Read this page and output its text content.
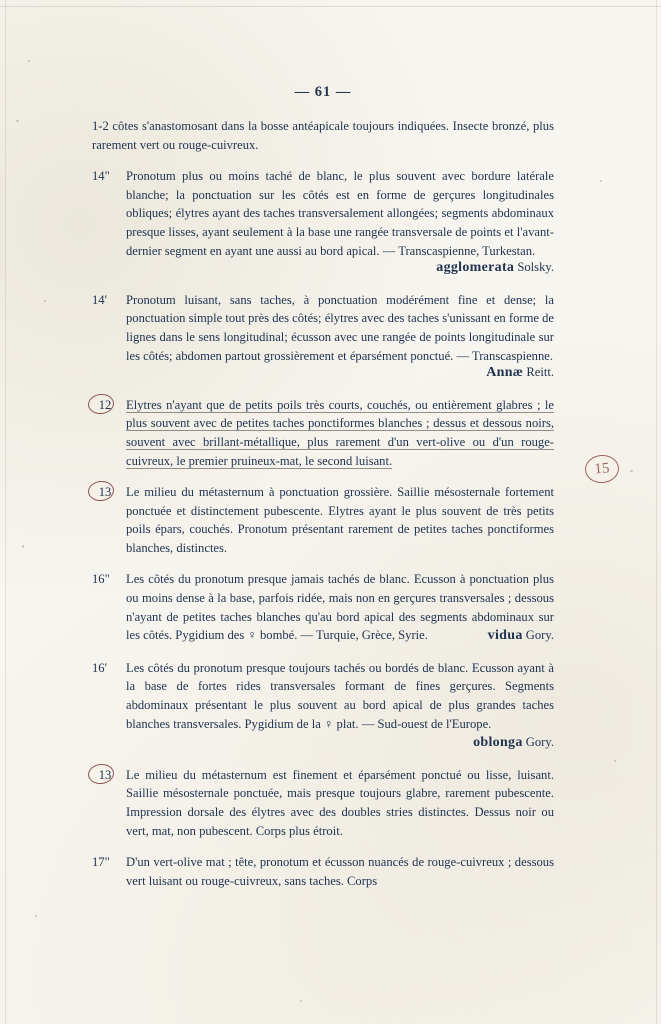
15
— 61 —
1-2 côtes s'anastomosant dans la bosse antéapicale toujours indiquées. Insecte bronzé, plus rarement vert ou rouge-cuivreux.
14"	Pronotum plus ou moins taché de blanc, le plus souvent avec bordure latérale blanche; la ponctuation sur les côtés est en forme de gerçures longitudinales obliques; élytres ayant des taches transversalement allongées; segments abdominaux presque lisses, ayant seulement à la base une rangée transversale de points et l'avant-dernier segment en ayant une aussi au bord apical. — Transcaspienne, Turkestan.
agglomerata Solsky.
14'	Pronotum luisant, sans taches, à ponctuation modérément fine et dense; la ponctuation simple tout près des côtés; élytres avec des taches s'unissant en forme de lignes dans le sens longitudinal; écusson avec une rangée de points longitudinale sur les côtés; abdomen partout grossièrement et éparsément ponctué. — Transcaspienne.
Annæ Reitt.
12	Elytres n'ayant que de petits poils très courts, couchés, ou entièrement glabres ; le plus souvent avec de petites taches ponctiformes blanches ; dessus et dessous noirs, souvent avec brillant-métallique, plus rarement d'un vert-olive ou d'un rouge-cuivreux, le premier pruineux-mat, le second luisant.
13	Le milieu du métasternum à ponctuation grossière. Saillie mésosternale fortement ponctuée et distinctement pubescente. Elytres ayant le plus souvent de très petits poils épars, couchés. Pronotum présentant rarement de petites taches ponctiformes blanches, distinctes.
16"	Les côtés du pronotum presque jamais tachés de blanc. Ecusson à ponctuation plus ou moins dense à la base, parfois ridée, mais non en gerçures transversales ; dessous n'ayant de petites taches blanches qu'au bord apical des segments abdominaux sur les côtés. Pygidium des ♀ bombé. — Turquie, Grèce, Syrie.	vidua Gory.
16'	Les côtés du pronotum presque toujours tachés ou bordés de blanc. Ecusson ayant à la base de fortes rides transversales formant de fines gerçures. Segments abdominaux présentant le plus souvent au bord apical de plus grandes taches blanches transversales. Pygidium de la ♀ plat. — Sud-ouest de l'Europe.
oblonga Gory.
13	Le milieu du métasternum est finement et éparsément ponctué ou lisse, luisant. Saillie mésosternale ponctuée, mais presque toujours glabre, rarement pubescente. Impression dorsale des élytres avec des doubles stries distinctes. Dessus noir ou vert, mat, non pubescent. Corps plus étroit.
17"	D'un vert-olive mat ; tête, pronotum et écusson nuancés de rouge-cuivreux ; dessous vert luisant ou rouge-cuivreux, sans taches. Corps
